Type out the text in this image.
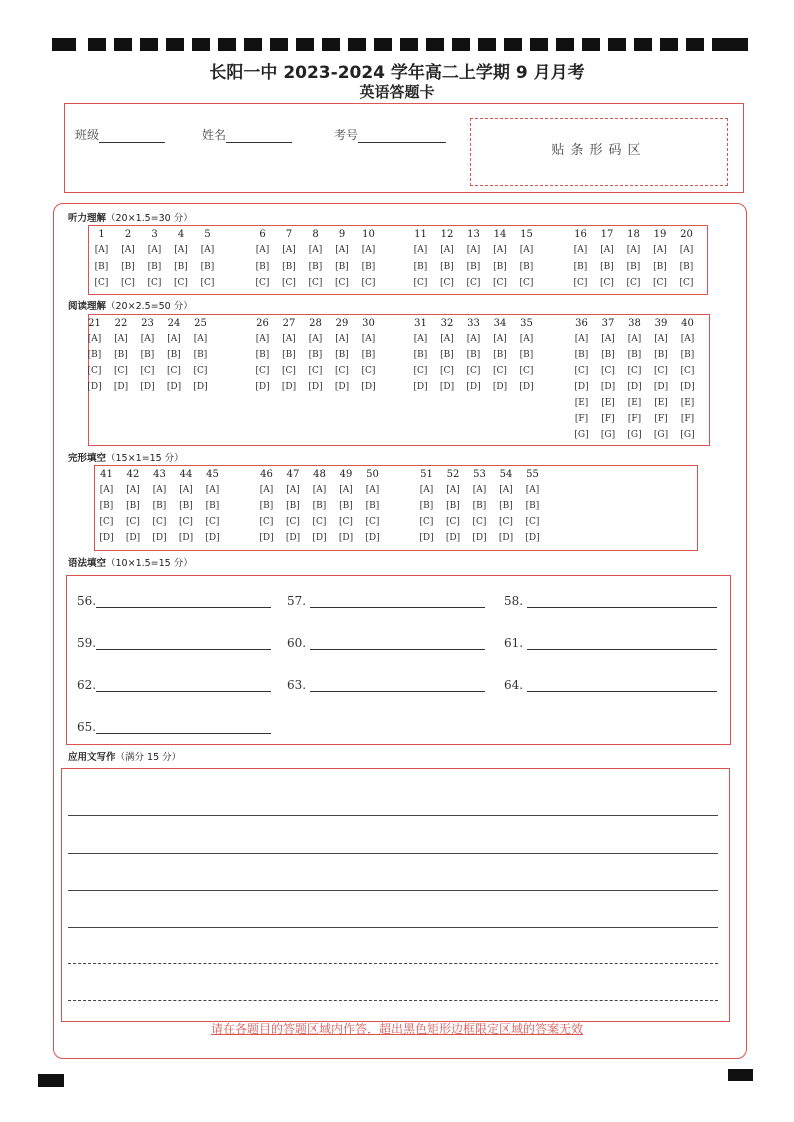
长阳一中 2023-2024 学年高二上学期 9 月月考
英语答题卡
班级	姓名	考号
贴条形码区
听力理解（20×1.5=30 分）
1	2	3	4	5
[A]	[A]	[A]	[A]	[A]
[B]	[B]	[B]	[B]	[B]
[C]	[C]	[C]	[C]	[C]
6	7	8	9	10
[A]	[A]	[A]	[A]	[A]
[B]	[B]	[B]	[B]	[B]
[C]	[C]	[C]	[C]	[C]
11	12	13	14	15
[A]	[A]	[A]	[A]	[A]
[B]	[B]	[B]	[B]	[B]
[C]	[C]	[C]	[C]	[C]
16	17	18	19	20
[A]	[A]	[A]	[A]	[A]
[B]	[B]	[B]	[B]	[B]
[C]	[C]	[C]	[C]	[C]
阅读理解（20×2.5=50 分）
21	22	23	24	25
[A]	[A]	[A]	[A]	[A]
[B]	[B]	[B]	[B]	[B]
[C]	[C]	[C]	[C]	[C]
[D]	[D]	[D]	[D]	[D]
26	27	28	29	30
[A]	[A]	[A]	[A]	[A]
[B]	[B]	[B]	[B]	[B]
[C]	[C]	[C]	[C]	[C]
[D]	[D]	[D]	[D]	[D]
31	32	33	34	35
[A]	[A]	[A]	[A]	[A]
[B]	[B]	[B]	[B]	[B]
[C]	[C]	[C]	[C]	[C]
[D]	[D]	[D]	[D]	[D]
36	37	38	39	40
[A]	[A]	[A]	[A]	[A]
[B]	[B]	[B]	[B]	[B]
[C]	[C]	[C]	[C]	[C]
[D]	[D]	[D]	[D]	[D]
[E]	[E]	[E]	[E]	[E]
[F]	[F]	[F]	[F]	[F]
[G]	[G]	[G]	[G]	[G]
完形填空（15×1=15 分）
41	42	43	44	45
[A]	[A]	[A]	[A]	[A]
[B]	[B]	[B]	[B]	[B]
[C]	[C]	[C]	[C]	[C]
[D]	[D]	[D]	[D]	[D]
46	47	48	49	50
[A]	[A]	[A]	[A]	[A]
[B]	[B]	[B]	[B]	[B]
[C]	[C]	[C]	[C]	[C]
[D]	[D]	[D]	[D]	[D]
51	52	53	54	55
[A]	[A]	[A]	[A]	[A]
[B]	[B]	[B]	[B]	[B]
[C]	[C]	[C]	[C]	[C]
[D]	[D]	[D]	[D]	[D]
语法填空（10×1.5=15 分）
56.	57.	58.
59.	60.	61.
62.	63.	64.
65.
应用文写作（满分 15 分）
请在各题目的答题区域内作答，超出黑色矩形边框限定区域的答案无效
